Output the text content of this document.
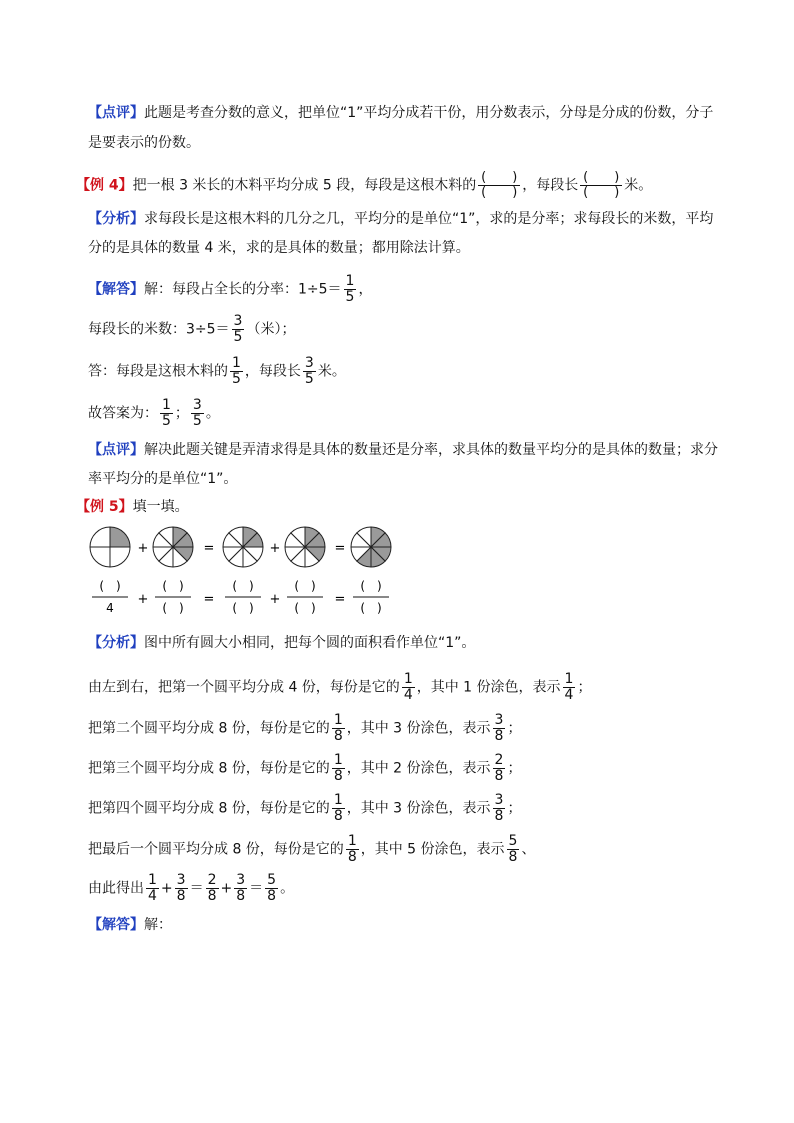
【点评】此题是考查分数的意义，把单位“1”平均分成若干份，用分数表示，分母是分成的份数，分子
是要表示的份数。
【例 4】把一根 3 米长的木料平均分成 5 段，每段是这根木料的 $\frac{( )}{( )}$ ，每段长 $\frac{( )}{( )}$ 米。
【分析】求每段长是这根木料的几分之几，平均分的是单位“1”，求的是分率；求每段长的米数，平均
分的是具体的数量 4 米，求的是具体的数量；都用除法计算。
【解答】解：每段占全长的分率：$1\div 5= \frac{1}{5}$ ，
每段长的米数：$3\div 5= \frac{3}{5}$ （米）；
答：每段是这根木料的 $\frac{1}{5}$ ，每段长 $\frac{3}{5}$ 米。
故答案为： $\frac{1}{5}$ ； $\frac{3}{5}$ 。
【点评】解决此题关键是弄清求得是具体的数量还是分率，求具体的数量平均分的是具体的数量；求分
率平均分的是单位“1”。
【例 5】填一填。
+
+
=
=
+
+
=
=
(　)
4
(　)
(　)
(　)
(　)
(　)
(　)
(　)
(　)
【分析】图中所有圆大小相同，把每个圆的面积看作单位“1”。
由左到右，把第一个圆平均分成 4 份，每份是它的 $\frac{1}{4}$ ，其中 1 份涂色，表示 $\frac{1}{4}$ ；
把第二个圆平均分成 8 份，每份是它的 $\frac{1}{8}$ ，其中 3 份涂色，表示 $\frac{3}{8}$ ；
把第三个圆平均分成 8 份，每份是它的 $\frac{1}{8}$ ，其中 2 份涂色，表示 $\frac{2}{8}$ ；
把第四个圆平均分成 8 份，每份是它的 $\frac{1}{8}$ ，其中 3 份涂色，表示 $\frac{3}{8}$ ；
把最后一个圆平均分成 8 份，每份是它的 $\frac{1}{8}$ ，其中 5 份涂色，表示 $\frac{5}{8}$ 、
由此得出 $\frac{1}{4} + \frac{3}{8} = \frac{2}{8} + \frac{3}{8} = \frac{5}{8}$ 。
【解答】解：
